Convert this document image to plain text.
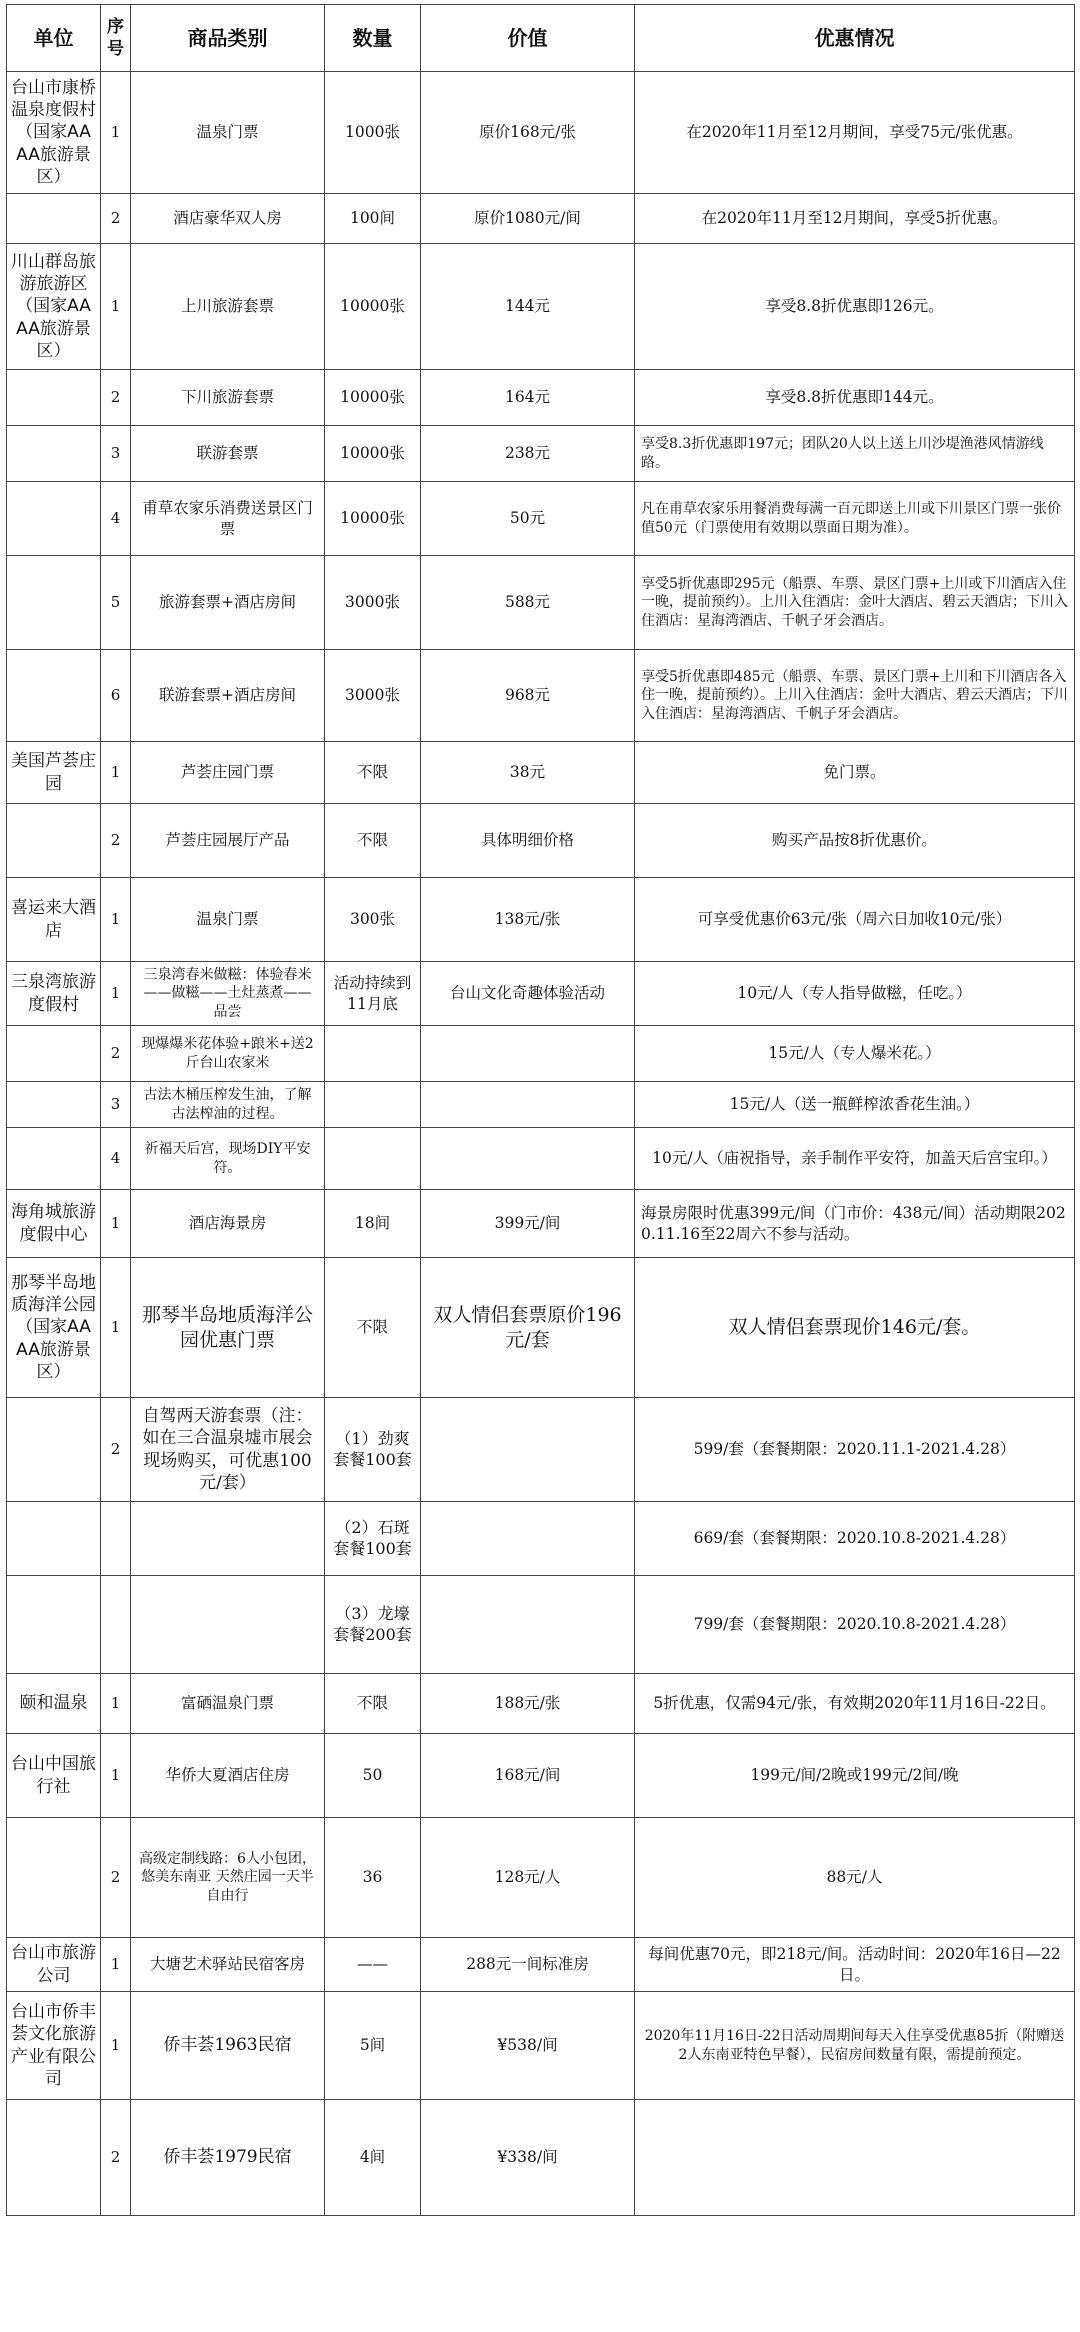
单位	序号	商品类别	数量	价值	优惠情况
台山市康桥温泉度假村（国家AAAA旅游景区）	1	温泉门票	1000张	原价168元/张	在2020年11月至12月期间，享受75元/张优惠。
	2	酒店豪华双人房	100间	原价1080元/间	在2020年11月至12月期间，享受5折优惠。
川山群岛旅游旅游区（国家AAAA旅游景区）	1	上川旅游套票	10000张	144元	享受8.8折优惠即126元。
	2	下川旅游套票	10000张	164元	享受8.8折优惠即144元。
	3	联游套票	10000张	238元	享受8.3折优惠即197元；团队20人以上送上川沙堤渔港风情游线路。
	4	甫草农家乐消费送景区门票	10000张	50元	凡在甫草农家乐用餐消费每满一百元即送上川或下川景区门票一张价值50元（门票使用有效期以票面日期为准）。
	5	旅游套票+酒店房间	3000张	588元	享受5折优惠即295元（船票、车票、景区门票+上川或下川酒店入住一晚，提前预约）。上川入住酒店：金叶大酒店、碧云天酒店；下川入住酒店：星海湾酒店、千帆子牙会酒店。
	6	联游套票+酒店房间	3000张	968元	享受5折优惠即485元（船票、车票、景区门票+上川和下川酒店各入住一晚，提前预约）。上川入住酒店：金叶大酒店、碧云天酒店；下川入住酒店：星海湾酒店、千帆子牙会酒店。
美国芦荟庄园	1	芦荟庄园门票	不限	38元	免门票。
	2	芦荟庄园展厅产品	不限	具体明细价格	购买产品按8折优惠价。
喜运来大酒店	1	温泉门票	300张	138元/张	可享受优惠价63元/张（周六日加收10元/张）
三泉湾旅游度假村	1	三泉湾春米做糍：体验春米——做糍——土灶蒸煮——品尝	活动持续到11月底	台山文化奇趣体验活动	10元/人（专人指导做糍，任吃。）
	2	现爆爆米花体验+踉米+送2斤台山农家米			15元/人（专人爆米花。）
	3	古法木桶压榨发生油，了解古法榨油的过程。			15元/人（送一瓶鲜榨浓香花生油。）
	4	祈福天后宫，现场DIY平安符。			10元/人（庙祝指导，亲手制作平安符，加盖天后宫宝印。）
海角城旅游度假中心	1	酒店海景房	18间	399元/间	海景房限时优惠399元/间（门市价：438元/间）活动期限2020.11.16至22周六不参与活动。
那琴半岛地质海洋公园（国家AAAA旅游景区）	1	那琴半岛地质海洋公园优惠门票	不限	双人情侣套票原价196元/套	双人情侣套票现价146元/套。
	2	自驾两天游套票（注：如在三合温泉墟市展会现场购买，可优惠100元/套）	（1）劲爽套餐100套		599/套（套餐期限：2020.11.1-2021.4.28）
			（2）石斑套餐100套		669/套（套餐期限：2020.10.8-2021.4.28）
			（3）龙壕套餐200套		799/套（套餐期限：2020.10.8-2021.4.28）
颐和温泉	1	富硒温泉门票	不限	188元/张	5折优惠，仅需94元/张，有效期2020年11月16日-22日。
台山中国旅行社	1	华侨大夏酒店住房	50	168元/间	199元/间/2晚或199元/2间/晚
	2	高级定制线路：6人小包团，悠美东南亚 天然庄园一天半自由行	36	128元/人	88元/人
台山市旅游公司	1	大塘艺术驿站民宿客房	——	288元一间标准房	每间优惠70元，即218元/间。活动时间：2020年16日—22日。
台山市侨丰荟文化旅游产业有限公司	1	侨丰荟1963民宿	5间	¥538/间	2020年11月16日-22日活动周期间每天入住享受优惠85折（附赠送2人东南亚特色早餐），民宿房间数量有限，需提前预定。
	2	侨丰荟1979民宿	4间	¥338/间	
